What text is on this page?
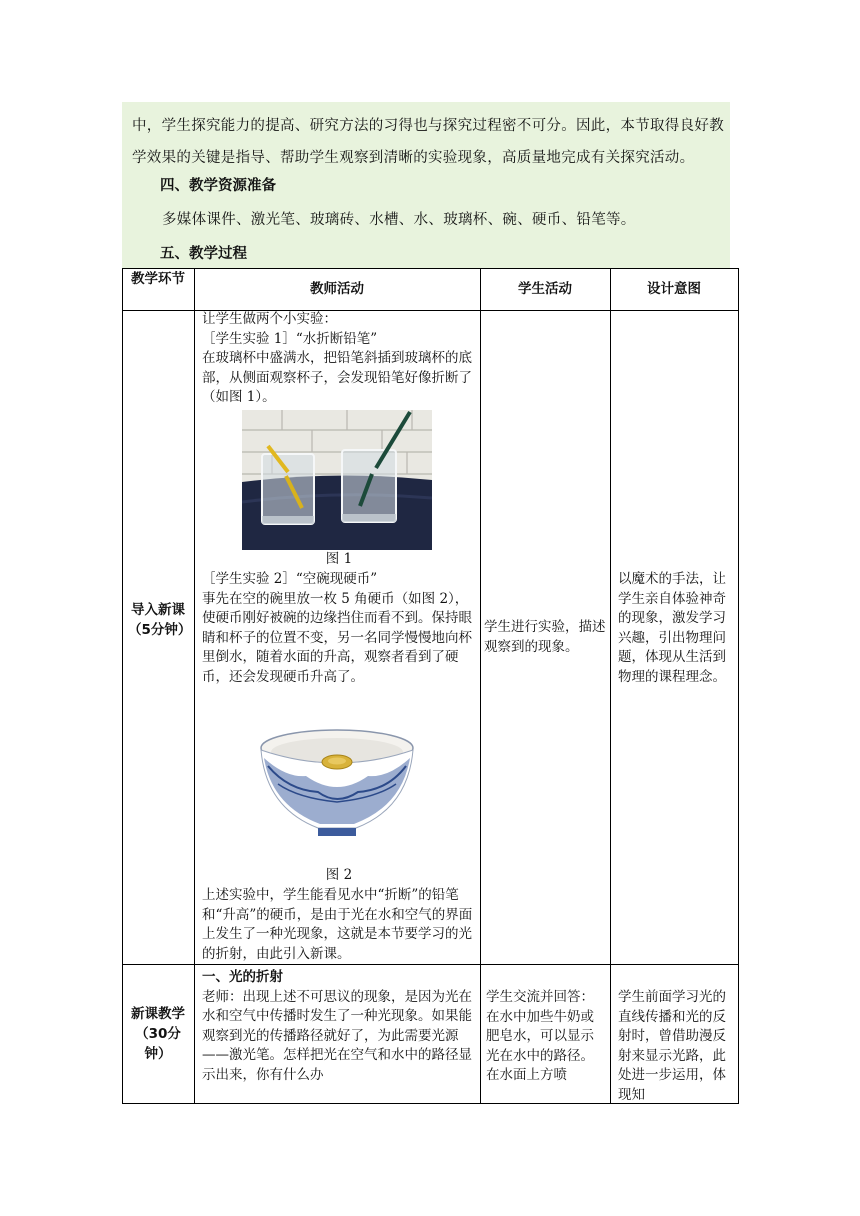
中，学生探究能力的提高、研究方法的习得也与探究过程密不可分。因此，本节取得良好教学效果的关键是指导、帮助学生观察到清晰的实验现象，高质量地完成有关探究活动。
四、教学资源准备
多媒体课件、激光笔、玻璃砖、水槽、水、玻璃杯、碗、硬币、铅笔等。
五、教学过程
教学环节
教师活动	学生活动	设计意图
导入新课（5分钟）
让学生做两个小实验：
［学生实验 1］“水折断铅笔”
在玻璃杯中盛满水，把铅笔斜插到玻璃杯的底部，从侧面观察杯子，会发现铅笔好像折断了（如图 1）。
图 1
［学生实验 2］“空碗现硬币”
事先在空的碗里放一枚 5 角硬币（如图 2），使硬币刚好被碗的边缘挡住而看不到。保持眼睛和杯子的位置不变，另一名同学慢慢地向杯里倒水，随着水面的升高，观察者看到了硬币，还会发现硬币升高了。
图 2
上述实验中，学生能看见水中“折断”的铅笔和“升高”的硬币，是由于光在水和空气的界面上发生了一种光现象，这就是本节要学习的光的折射，由此引入新课。
学生进行实验，描述观察到的现象。
以魔术的手法，让学生亲自体验神奇的现象，激发学习兴趣，引出物理问题，体现从生活到物理的课程理念。
新课教学（30分钟）
一、光的折射
老师：出现上述不可思议的现象，是因为光在水和空气中传播时发生了一种光现象。如果能观察到光的传播路径就好了，为此需要光源——激光笔。怎样把光在空气和水中的路径显示出来，你有什么办
学生交流并回答：在水中加些牛奶或肥皂水，可以显示光在水中的路径。在水面上方喷
学生前面学习光的直线传播和光的反射时，曾借助漫反射来显示光路，此处进一步运用，体现知
